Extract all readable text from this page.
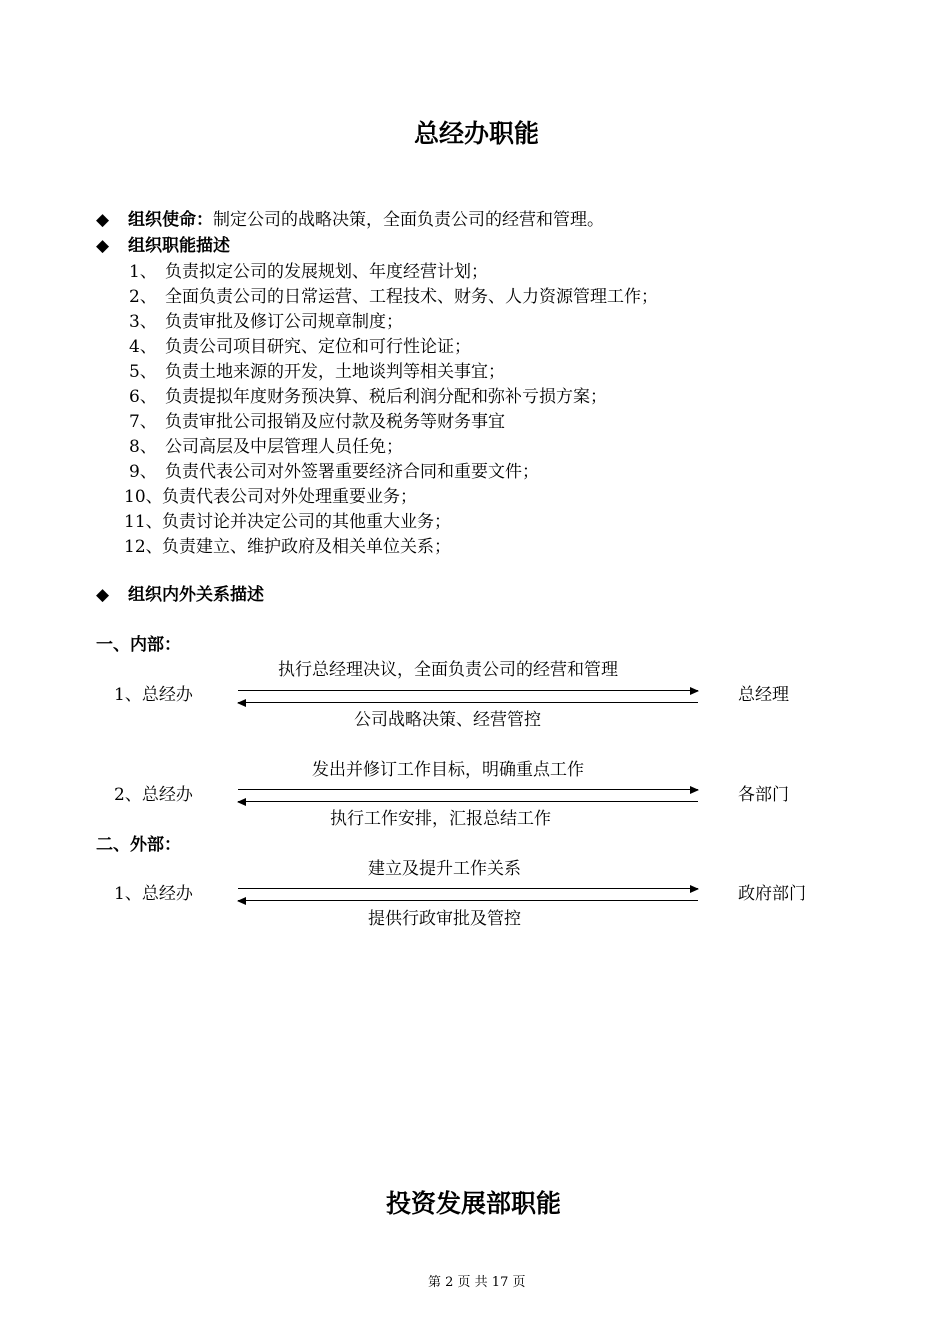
总经办职能
◆ 组织使命：制定公司的战略决策，全面负责公司的经营和管理。
◆ 组织职能描述
1、 负责拟定公司的发展规划、年度经营计划；
2、 全面负责公司的日常运营、工程技术、财务、人力资源管理工作；
3、 负责审批及修订公司规章制度；
4、 负责公司项目研究、定位和可行性论证；
5、 负责土地来源的开发，土地谈判等相关事宜；
6、 负责提拟年度财务预决算、税后利润分配和弥补亏损方案；
7、 负责审批公司报销及应付款及税务等财务事宜
8、 公司高层及中层管理人员任免；
9、 负责代表公司对外签署重要经济合同和重要文件；
10、负责代表公司对外处理重要业务；
11、负责讨论并决定公司的其他重大业务；
12、负责建立、维护政府及相关单位关系；
◆ 组织内外关系描述
一、内部：
执行总经理决议，全面负责公司的经营和管理
1、总经办	总经理
公司战略决策、经营管控
发出并修订工作目标，明确重点工作
2、总经办	各部门
执行工作安排，汇报总结工作
二、外部：
建立及提升工作关系
1、总经办	政府部门
提供行政审批及管控
投资发展部职能
第 2 页 共 17 页
